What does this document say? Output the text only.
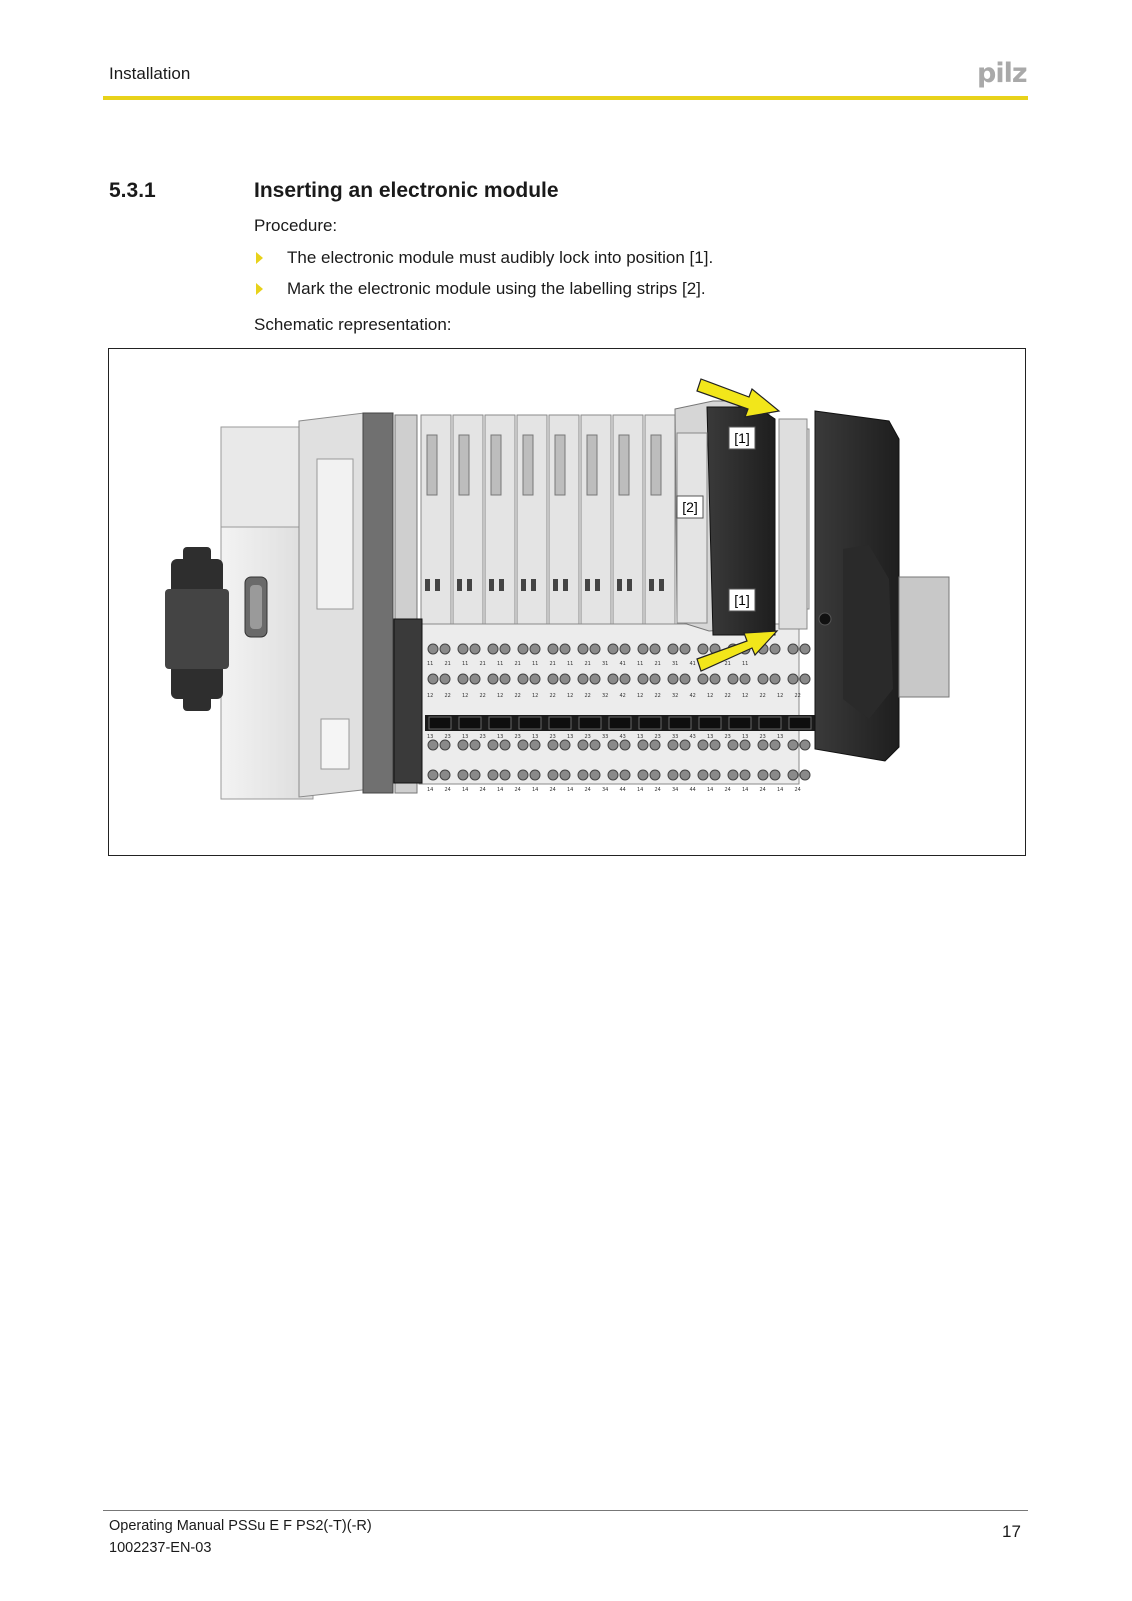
Installation	pilz
5.3.1	Inserting an electronic module
Procedure:
The electronic module must audibly lock into position [1].
Mark the electronic module using the labelling strips [2].
Schematic representation:
11 21 11 21 11 21 11 21 11 21 31 41 11 21 31 41	21 11
12 22 12 22 12 22 12 22 12 22 32 42 12 22 32 42 12 22 12 22 12 22
13 23 13 23 13 23 13 23 13 23 33 43 13 23 33 43 13 23 13 23 13
14 24 14 24 14 24 14 24 14 24 34 44 14 24 34 44 14 24 14 24 14 24
[1]
[2]
[1]
Operating Manual PSSu E F PS2(-T)(-R)
1002237-EN-03
17
